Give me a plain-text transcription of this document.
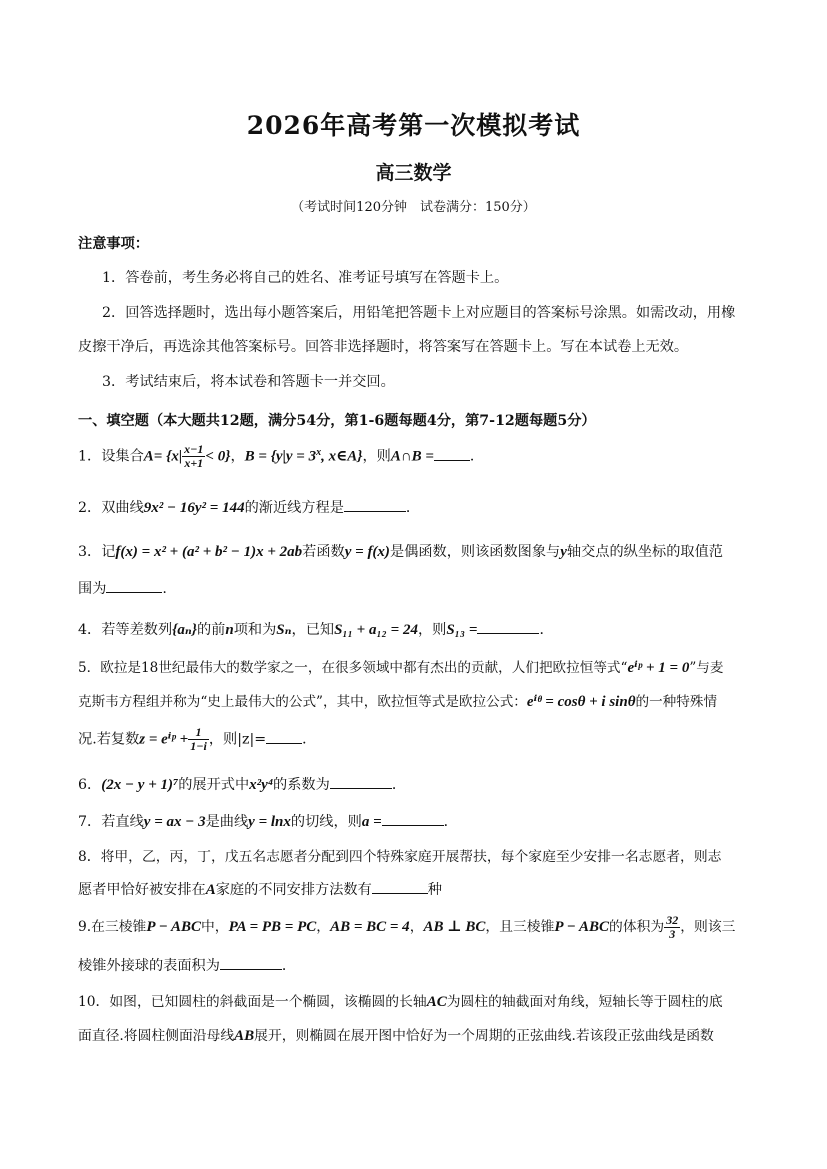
2026年高考第一次模拟考试
高三数学
（考试时间120分钟　试卷满分：150分）
注意事项：
1．答卷前，考生务必将自己的姓名、准考证号填写在答题卡上。
2．回答选择题时，选出每小题答案后，用铅笔把答题卡上对应题目的答案标号涂黑。如需改动，用橡
皮擦干净后，再选涂其他答案标号。回答非选择题时，将答案写在答题卡上。写在本试卷上无效。
3．考试结束后，将本试卷和答题卡一并交回。
一、填空题（本大题共12题，满分54分，第1-6题每题4分，第7-12题每题5分）
1．设集合$A= \{x| \frac{x-1}{x+1} < 0\}$，$B = \{y|y = 3^x$, x∈A}，则A∩B =	．
2．双曲线9x² − 16y² = 144的渐近线方程是	．
3．记f(x) = x² + (a² + b² − 1)x + 2ab若函数y = f(x)是偶函数，则该函数图象与y轴交点的纵坐标的取值范
围为	.
4．若等差数列{aₙ}的前n项和为Sₙ，已知S₁₁ + a₁₂ = 24，则S₁₃ =	．
5．欧拉是18世纪最伟大的数学家之一，在很多领域中都有杰出的贡献，人们把欧拉恒等式“eⁱᵖ + 1 = 0”与麦
克斯韦方程组并称为“史上最伟大的公式”，其中，欧拉恒等式是欧拉公式：eⁱᶿ = cosθ + i sinθ的一种特殊情
况.若复数z = eⁱᵖ + $\frac{1}{1-i}$ ，则|z|=	．
6．(2x − y + 1)⁷的展开式中x²y⁴的系数为	．
7．若直线y = ax − 3是曲线y = lnx的切线，则a =	．
8．将甲，乙，丙，丁，戊五名志愿者分配到四个特殊家庭开展帮扶，每个家庭至少安排一名志愿者，则志
愿者甲恰好被安排在A家庭的不同安排方法数有	种
9.在三棱锥P − ABC中，PA = PB = PC，AB = BC = 4，AB ⊥ BC，且三棱锥P − ABC的体积为 $\frac{32}{3}$ ，则该三
棱锥外接球的表面积为	．
10．如图，已知圆柱的斜截面是一个椭圆，该椭圆的长轴AC为圆柱的轴截面对角线，短轴长等于圆柱的底
面直径.将圆柱侧面沿母线AB展开，则椭圆在展开图中恰好为一个周期的正弦曲线.若该段正弦曲线是函数
